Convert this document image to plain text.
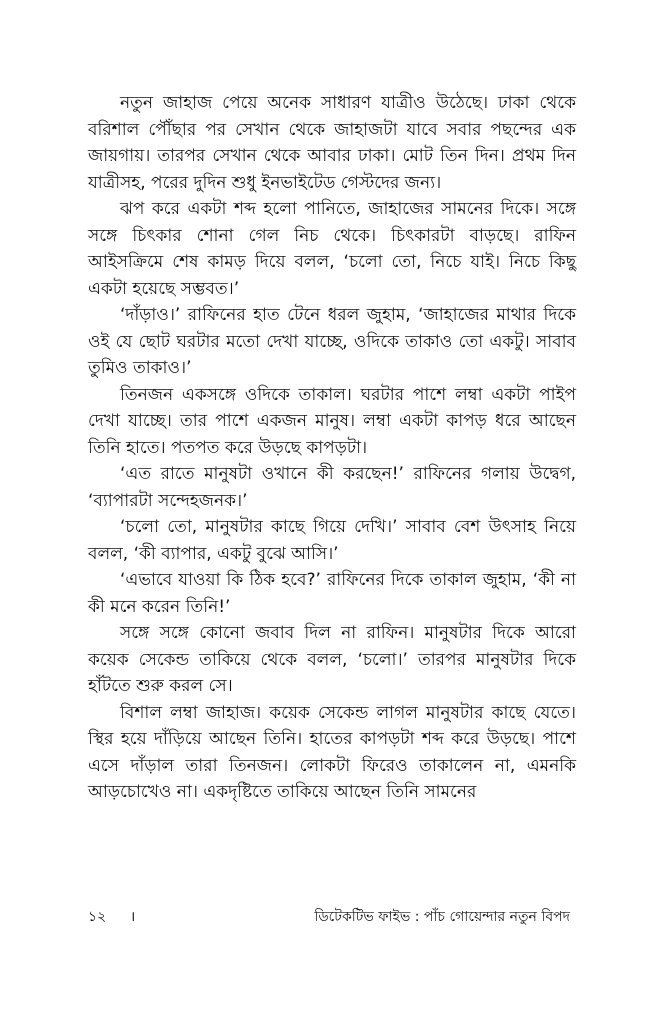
নতুন জাহাজ পেয়ে অনেক সাধারণ যাত্রীও উঠেছে। ঢাকা থেকে বরিশাল পৌঁছার পর সেখান থেকে জাহাজটা যাবে সবার পছন্দের এক জায়গায়। তারপর সেখান থেকে আবার ঢাকা। মোট তিন দিন। প্রথম দিন যাত্রীসহ, পরের দুদিন শুধু ইনভাইটেড গেস্টদের জন্য।

ঝপ করে একটা শব্দ হলো পানিতে, জাহাজের সামনের দিকে। সঙ্গে সঙ্গে চিৎকার শোনা গেল নিচ থেকে। চিৎকারটা বাড়ছে। রাফিন আইসক্রিমে শেষ কামড় দিয়ে বলল, ‘চলো তো, নিচে যাই। নিচে কিছু একটা হয়েছে সম্ভবত।’

‘দাঁড়াও।’ রাফিনের হাত টেনে ধরল জুহাম, ‘জাহাজের মাথার দিকে ওই যে ছোট ঘরটার মতো দেখা যাচ্ছে, ওদিকে তাকাও তো একটু। সাবাব তুমিও তাকাও।’

তিনজন একসঙ্গে ওদিকে তাকাল। ঘরটার পাশে লম্বা একটা পাইপ দেখা যাচ্ছে। তার পাশে একজন মানুষ। লম্বা একটা কাপড় ধরে আছেন তিনি হাতে। পতপত করে উড়ছে কাপড়টা।

‘এত রাতে মানুষটা ওখানে কী করছেন!’ রাফিনের গলায় উদ্বেগ, ‘ব্যাপারটা সন্দেহজনক।’

‘চলো তো, মানুষটার কাছে গিয়ে দেখি।’ সাবাব বেশ উৎসাহ নিয়ে বলল, ‘কী ব্যাপার, একটু বুঝে আসি।’

‘এভাবে যাওয়া কি ঠিক হবে?’ রাফিনের দিকে তাকাল জুহাম, ‘কী না কী মনে করেন তিনি!’

সঙ্গে সঙ্গে কোনো জবাব দিল না রাফিন। মানুষটার দিকে আরো কয়েক সেকেন্ড তাকিয়ে থেকে বলল, ‘চলো।’ তারপর মানুষটার দিকে হাঁটতে শুরু করল সে।

বিশাল লম্বা জাহাজ। কয়েক সেকেন্ড লাগল মানুষটার কাছে যেতে। স্থির হয়ে দাঁড়িয়ে আছেন তিনি। হাতের কাপড়টা শব্দ করে উড়ছে। পাশে এসে দাঁড়াল তারা তিনজন। লোকটা ফিরেও তাকালেন না, এমনকি আড়চোখেও না। একদৃষ্টিতে তাকিয়ে আছেন তিনি সামনের

১২ ।	ডিটেকটিভ ফাইভ : পাঁচ গোয়েন্দার নতুন বিপদ
